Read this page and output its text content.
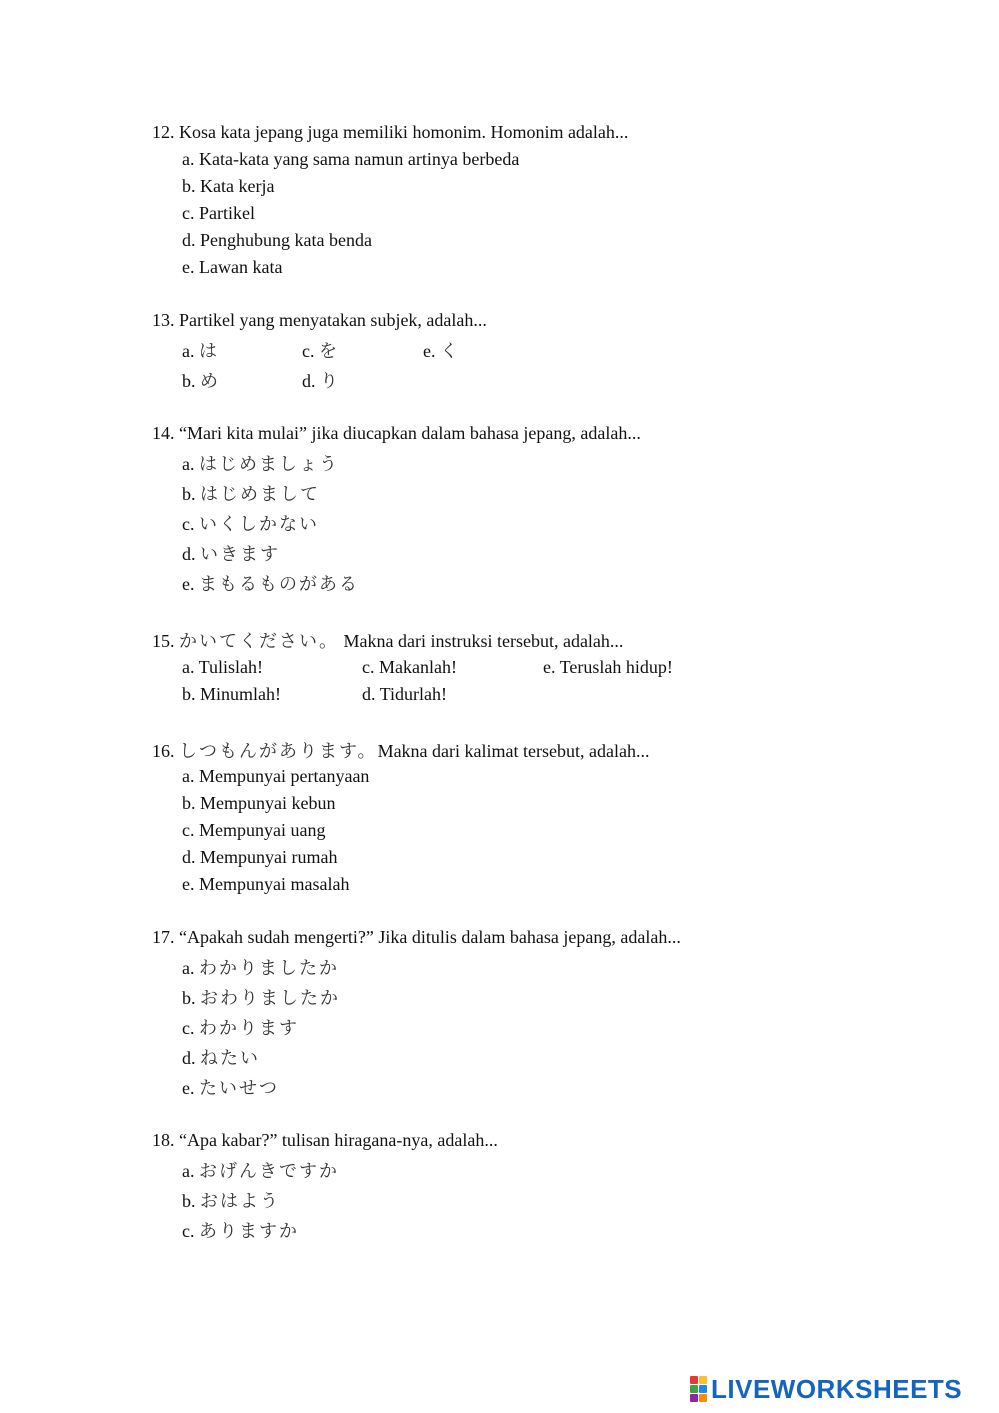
12. Kosa kata jepang juga memiliki homonim. Homonim adalah...
a. Kata-kata yang sama namun artinya berbeda
b. Kata kerja
c. Partikel
d. Penghubung kata benda
e. Lawan kata
13. Partikel yang menyatakan subjek, adalah...
a. は	c. を	e. く
b. め	d. り
14. “Mari kita mulai” jika diucapkan dalam bahasa jepang, adalah...
a. はじめましょう
b. はじめまして
c. いくしかない
d. いきます
e. まもるものがある
15. かいてください。 Makna dari instruksi tersebut, adalah...
a. Tulislah!	c. Makanlah!	e. Teruslah hidup!
b. Minumlah!	d. Tidurlah!
16. しつもんがあります。Makna dari kalimat tersebut, adalah...
a. Mempunyai pertanyaan
b. Mempunyai kebun
c. Mempunyai uang
d. Mempunyai rumah
e. Mempunyai masalah
17. “Apakah sudah mengerti?” Jika ditulis dalam bahasa jepang, adalah...
a. わかりましたか
b. おわりましたか
c. わかります
d. ねたい
e. たいせつ
18. “Apa kabar?” tulisan hiragana-nya, adalah...
a. おげんきですか
b. おはよう
c. ありますか
LIVEWORKSHEETS
